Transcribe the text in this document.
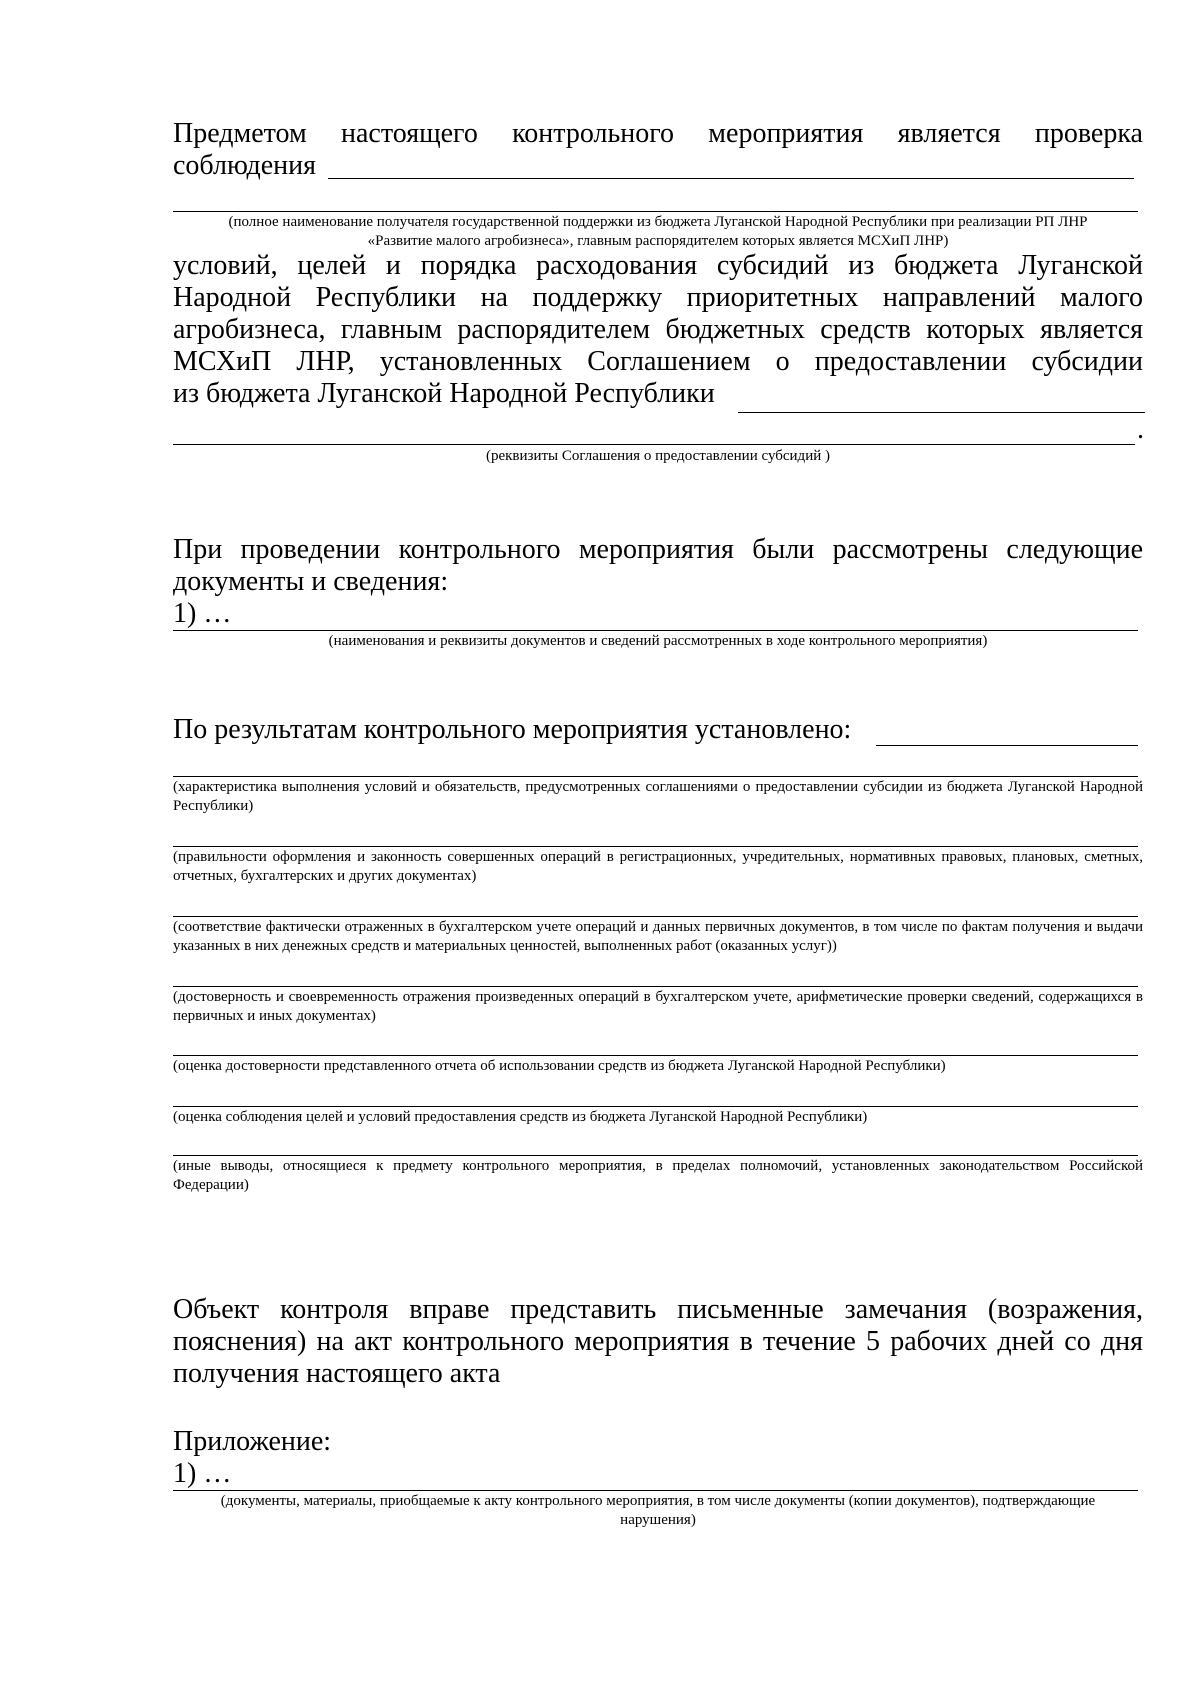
Предметом настоящего контрольного мероприятия является проверка
соблюдения
(полное наименование получателя государственной поддержки из бюджета Луганской Народной Республики при реализации РП ЛНР
«Развитие малого агробизнеса», главным распорядителем которых является МСХиП ЛНР)
условий, целей и порядка расходования субсидий из бюджета Луганской
Народной Республики на поддержку приоритетных направлений малого
агробизнеса, главным распорядителем бюджетных средств которых является
МСХиП ЛНР, установленных Соглашением о предоставлении субсидии
из бюджета Луганской Народной Республики
.
(реквизиты Соглашения о предоставлении субсидий )
При проведении контрольного мероприятия были рассмотрены следующие
документы и сведения:
1) …
(наименования и реквизиты документов и сведений рассмотренных в ходе контрольного мероприятия)
По результатам контрольного мероприятия установлено:
(характеристика выполнения условий и обязательств, предусмотренных соглашениями о предоставлении субсидии из бюджета Луганской Народной Республики)
(правильности оформления и законность совершенных операций в регистрационных, учредительных, нормативных правовых, плановых, сметных, отчетных, бухгалтерских и других документах)
(соответствие фактически отраженных в бухгалтерском учете операций и данных первичных документов, в том числе по фактам получения и выдачи указанных в них денежных средств и материальных ценностей, выполненных работ (оказанных услуг))
(достоверность и своевременность отражения произведенных операций в бухгалтерском учете, арифметические проверки сведений, содержащихся в первичных и иных документах)
(оценка достоверности представленного отчета об использовании средств из бюджета Луганской Народной Республики)
(оценка соблюдения целей и условий предоставления средств из бюджета Луганской Народной Республики)
(иные выводы, относящиеся к предмету контрольного мероприятия, в пределах полномочий, установленных законодательством Российской Федерации)
Объект контроля вправе представить письменные замечания (возражения,
пояснения) на акт контрольного мероприятия в течение 5 рабочих дней со дня
получения настоящего акта
Приложение:
1) …
(документы, материалы, приобщаемые к акту контрольного мероприятия, в том числе документы (копии документов), подтверждающие
нарушения)
